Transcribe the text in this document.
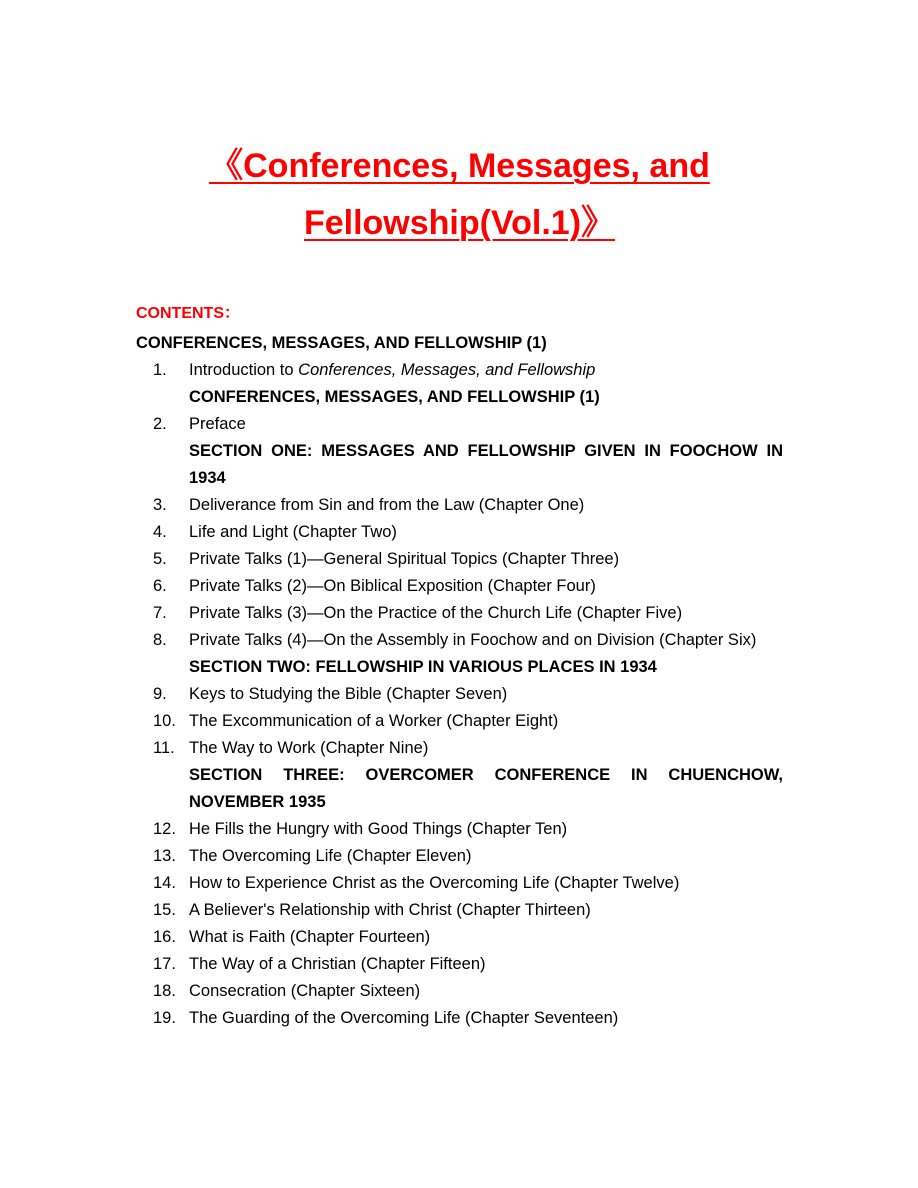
《Conferences, Messages, and
Fellowship(Vol.1)》

CONTENTS：

CONFERENCES, MESSAGES, AND FELLOWSHIP (1)

1.	Introduction to Conferences, Messages, and Fellowship
CONFERENCES, MESSAGES, AND FELLOWSHIP (1)
2.	Preface
SECTION ONE: MESSAGES AND FELLOWSHIP GIVEN IN FOOCHOW IN 1934
3.	Deliverance from Sin and from the Law (Chapter One)
4.	Life and Light (Chapter Two)
5.	Private Talks (1)—General Spiritual Topics (Chapter Three)
6.	Private Talks (2)—On Biblical Exposition (Chapter Four)
7.	Private Talks (3)—On the Practice of the Church Life (Chapter Five)
8.	Private Talks (4)—On the Assembly in Foochow and on Division (Chapter Six)
SECTION TWO: FELLOWSHIP IN VARIOUS PLACES IN 1934
9.	Keys to Studying the Bible (Chapter Seven)
10. The Excommunication of a Worker (Chapter Eight)
11. The Way to Work (Chapter Nine)
SECTION THREE: OVERCOMER CONFERENCE IN CHUENCHOW, NOVEMBER 1935
12. He Fills the Hungry with Good Things (Chapter Ten)
13. The Overcoming Life (Chapter Eleven)
14. How to Experience Christ as the Overcoming Life (Chapter Twelve)
15. A Believer's Relationship with Christ (Chapter Thirteen)
16. What is Faith (Chapter Fourteen)
17. The Way of a Christian (Chapter Fifteen)
18. Consecration (Chapter Sixteen)
19. The Guarding of the Overcoming Life (Chapter Seventeen)
